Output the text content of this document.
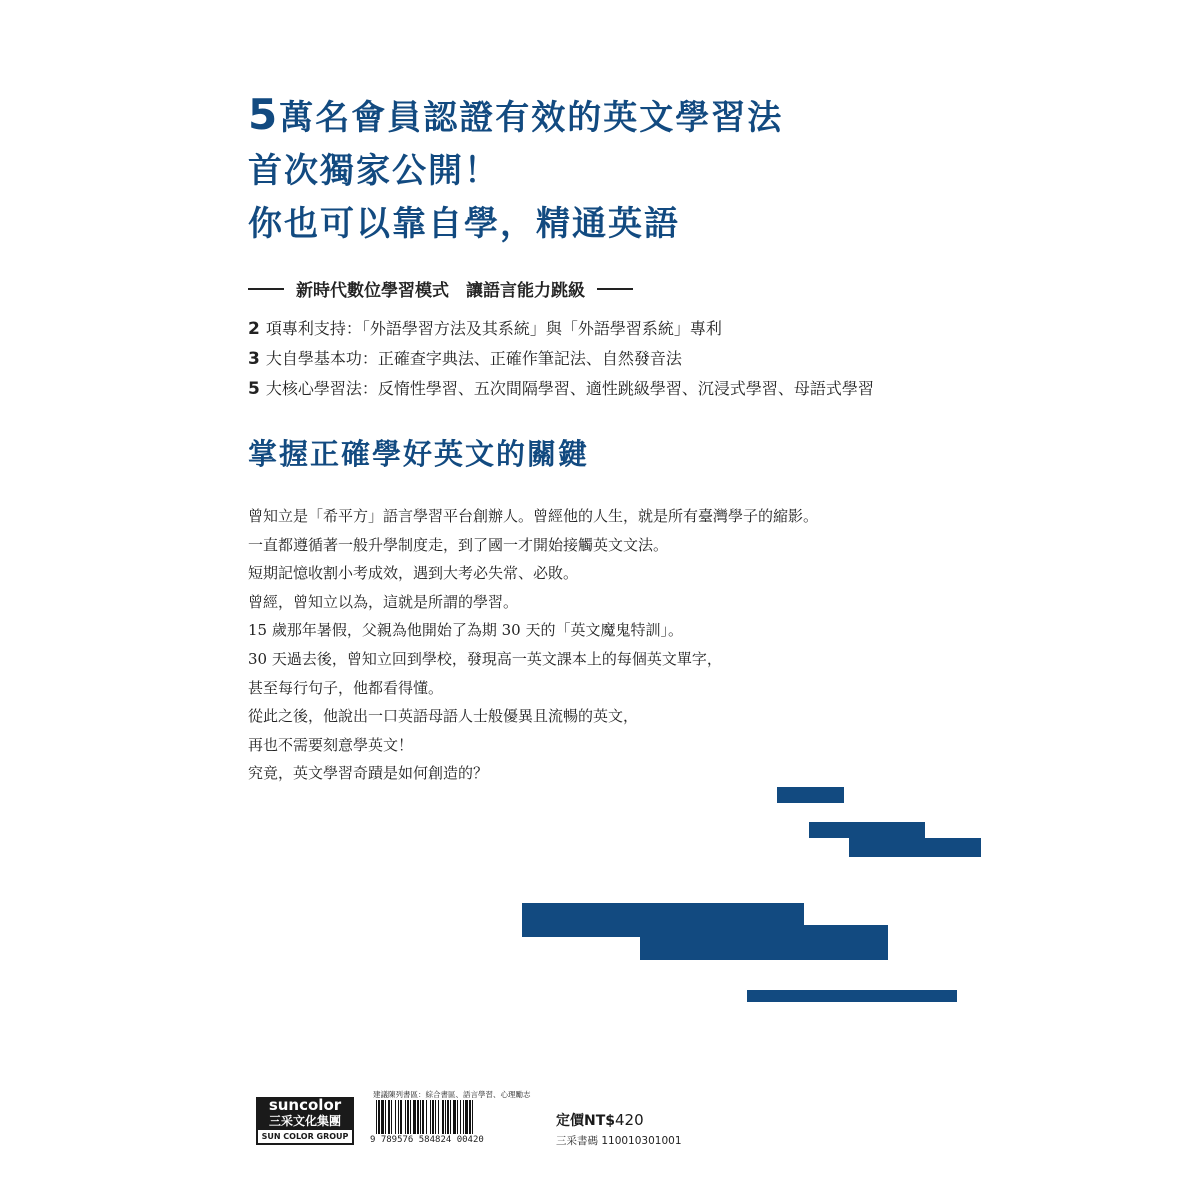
5萬名會員認證有效的英文學習法
首次獨家公開！
你也可以靠自學，精通英語
新時代數位學習模式　讓語言能力跳級
2 項專利支持：「外語學習方法及其系統」與「外語學習系統」專利
3 大自學基本功：正確查字典法、正確作筆記法、自然發音法
5 大核心學習法：反惰性學習、五次間隔學習、適性跳級學習、沉浸式學習、母語式學習
掌握正確學好英文的關鍵

曾知立是「希平方」語言學習平台創辦人。曾經他的人生，就是所有臺灣學子的縮影。

一直都遵循著一般升學制度走，到了國一才開始接觸英文文法。

短期記憶收割小考成效，遇到大考必失常、必敗。

曾經，曾知立以為，這就是所謂的學習。

15 歲那年暑假，父親為他開始了為期 30 天的「英文魔鬼特訓」。

30 天過去後，曾知立回到學校，發現高一英文課本上的每個英文單字，

甚至每行句子，他都看得懂。

從此之後，他說出一口英語母語人士般優異且流暢的英文，

再也不需要刻意學英文！

究竟，英文學習奇蹟是如何創造的？

suncolor
三采文化集團
SUN COLOR GROUP
建議陳列書區：綜合書區、語言學習、心理勵志
9 789576 584824 00420
定價NT$420
三采書碼 110010301001
